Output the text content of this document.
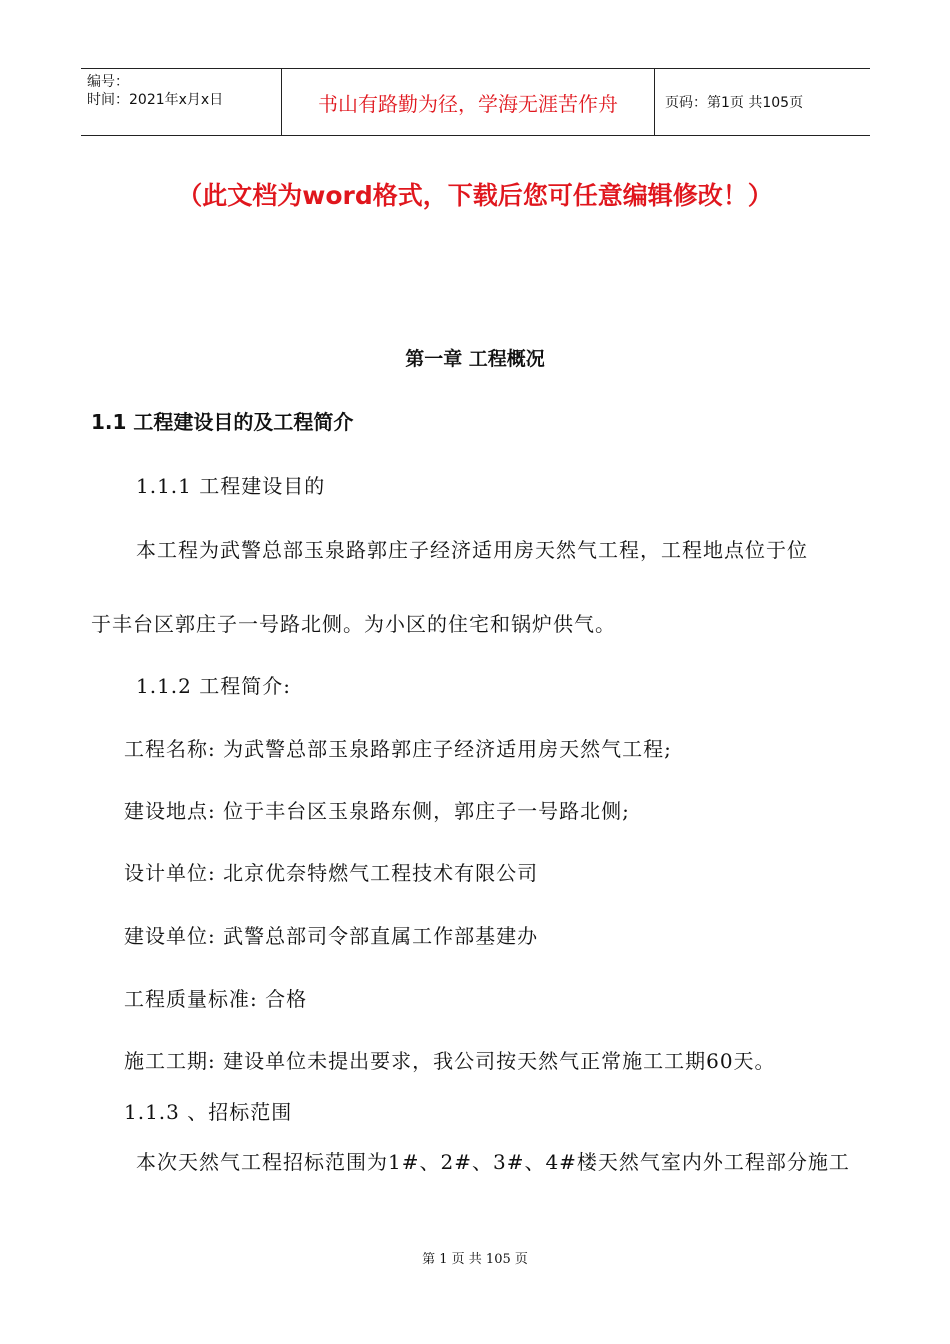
编号：
时间：2021年x月x日	书山有路勤为径，学海无涯苦作舟	页码：第1页 共105页
（此文档为word格式，下载后您可任意编辑修改！）
第一章 工程概况
1.1 工程建设目的及工程简介
1.1.1 工程建设目的
本工程为武警总部玉泉路郭庄子经济适用房天然气工程，工程地点位于位
于丰台区郭庄子一号路北侧。为小区的住宅和锅炉供气。
1.1.2 工程简介:
工程名称: 为武警总部玉泉路郭庄子经济适用房天然气工程;
建设地点: 位于丰台区玉泉路东侧，郭庄子一号路北侧;
设计单位: 北京优奈特燃气工程技术有限公司
建设单位: 武警总部司令部直属工作部基建办
工程质量标准: 合格
施工工期: 建设单位未提出要求，我公司按天然气正常施工工期60天。
1.1.3 、招标范围
本次天然气工程招标范围为1#、2#、3#、4#楼天然气室内外工程部分施工
第 1 页 共 105 页
